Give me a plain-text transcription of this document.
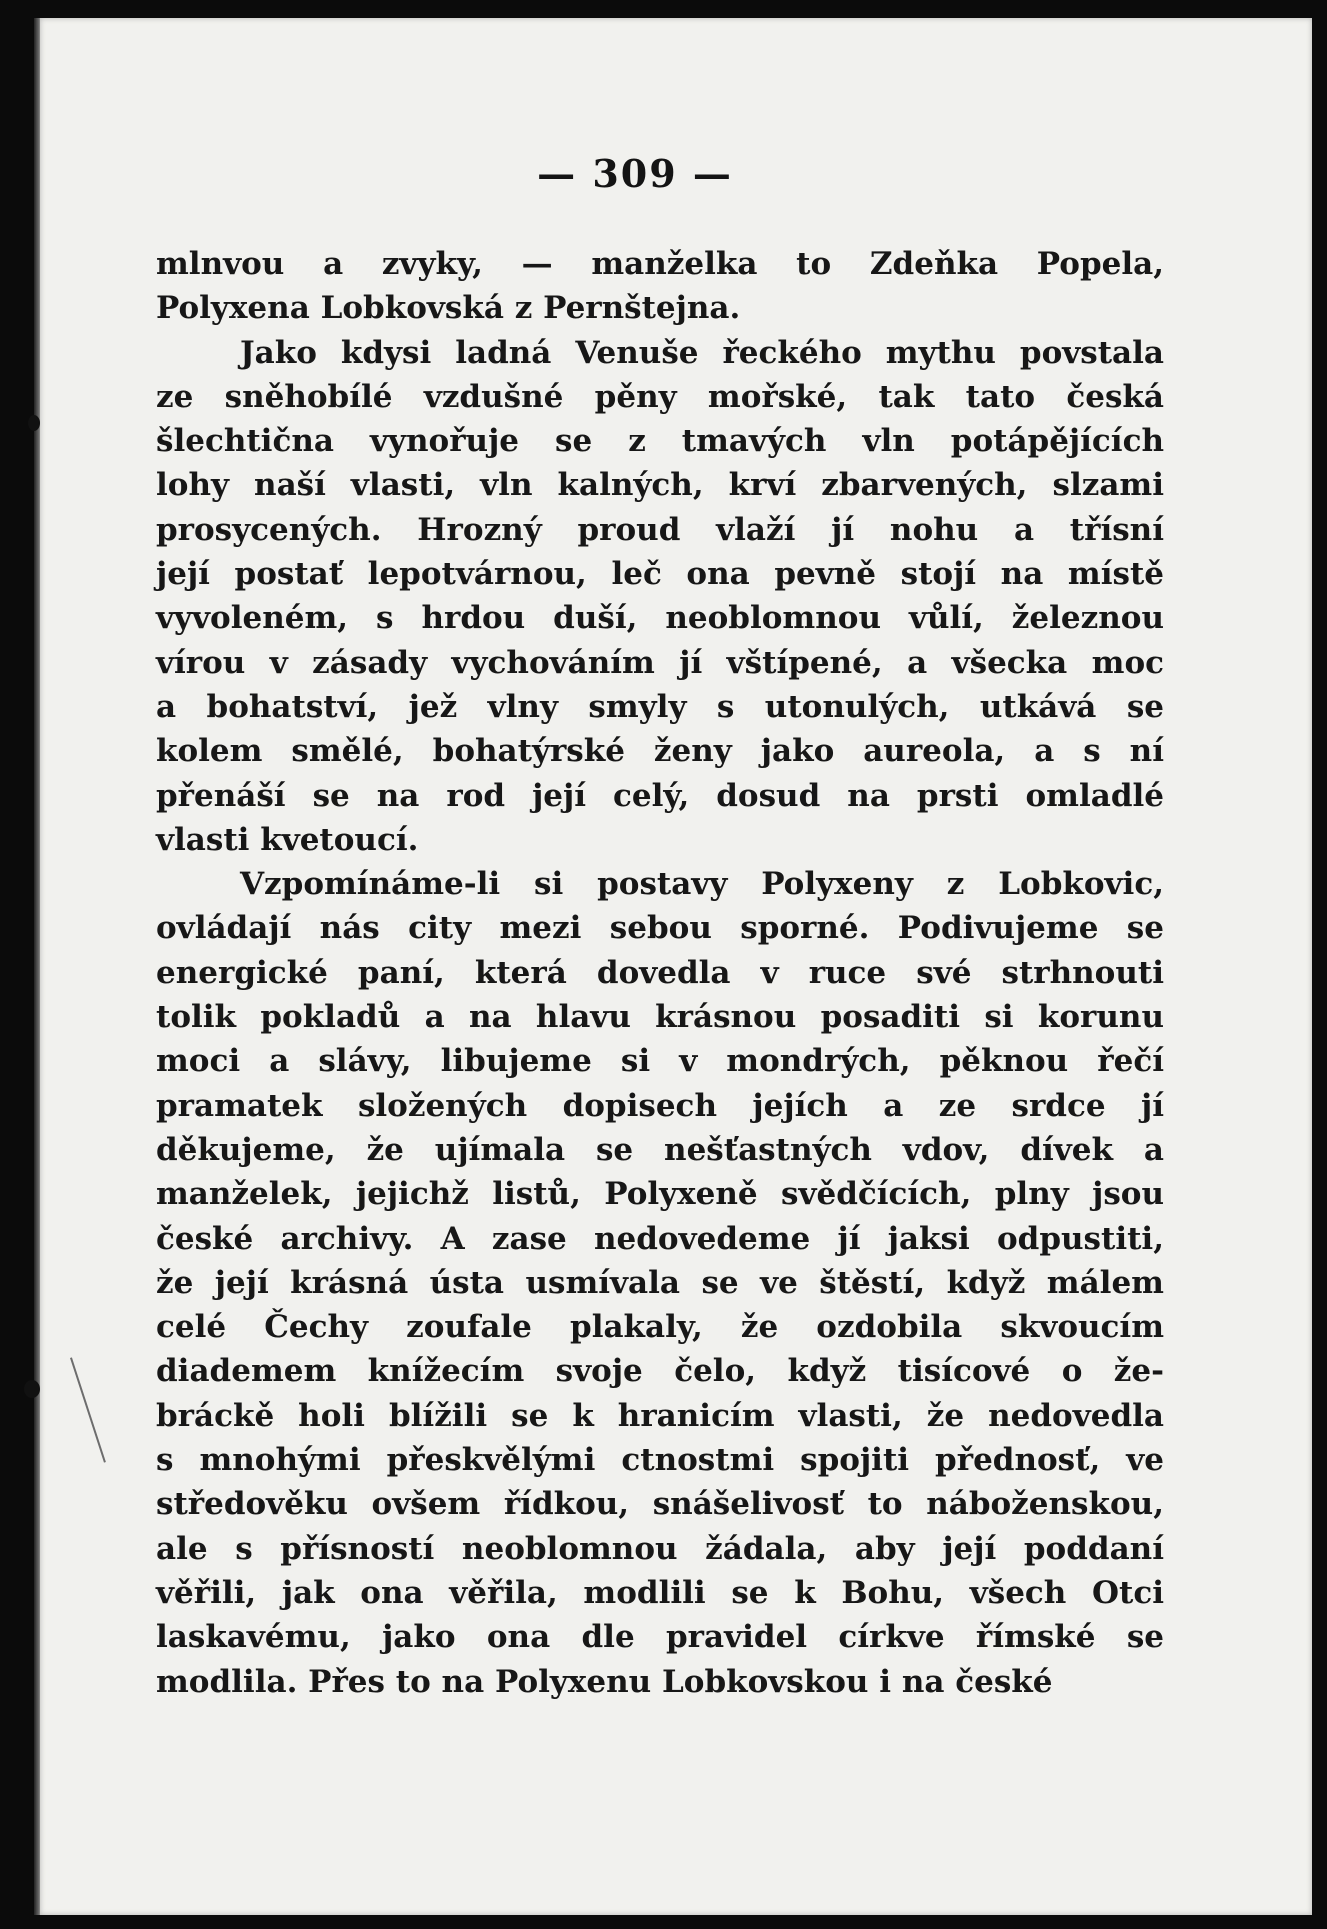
— 309 —
mlnvou a zvyky, — manželka to Zdeňka Popela,
Polyxena Lobkovská z Pernštejna.
Jako kdysi ladná Venuše řeckého mythu povstala
ze sněhobílé vzdušné pěny mořské, tak tato česká
šlechtična vynořuje se z tmavých vln potápějících
lohy naší vlasti, vln kalných, krví zbarvených, slzami
prosycených. Hrozný proud vlaží jí nohu a třísní
její postať lepotvárnou, leč ona pevně stojí na místě
vyvoleném, s hrdou duší, neoblomnou vůlí, železnou
vírou v zásady vychováním jí vštípené, a všecka moc
a bohatství, jež vlny smyly s utonulých, utkává se
kolem smělé, bohatýrské ženy jako aureola, a s ní
přenáší se na rod její celý, dosud na prsti omladlé
vlasti kvetoucí.
Vzpomínáme-li si postavy Polyxeny z Lobkovic,
ovládají nás city mezi sebou sporné. Podivujeme se
energické paní, která dovedla v ruce své strhnouti
tolik pokladů a na hlavu krásnou posaditi si korunu
moci a slávy, libujeme si v mondrých, pěknou řečí
pramatek složených dopisech jejích a ze srdce jí
děkujeme, že ujímala se nešťastných vdov, dívek a
manželek, jejichž listů, Polyxeně svědčících, plny jsou
české archivy. A zase nedovedeme jí jaksi odpustiti,
že její krásná ústa usmívala se ve štěstí, když málem
celé Čechy zoufale plakaly, že ozdobila skvoucím
diademem knížecím svoje čelo, když tisícové o že-
bráckě holi blížili se k hranicím vlasti, že nedovedla
s mnohými přeskvělými ctnostmi spojiti přednosť, ve
středověku ovšem řídkou, snášelivosť to náboženskou,
ale s přísností neoblomnou žádala, aby její poddaní
věřili, jak ona věřila, modlili se k Bohu, všech Otci
laskavému, jako ona dle pravidel církve římské se
modlila. Přes to na Polyxenu Lobkovskou i na české
